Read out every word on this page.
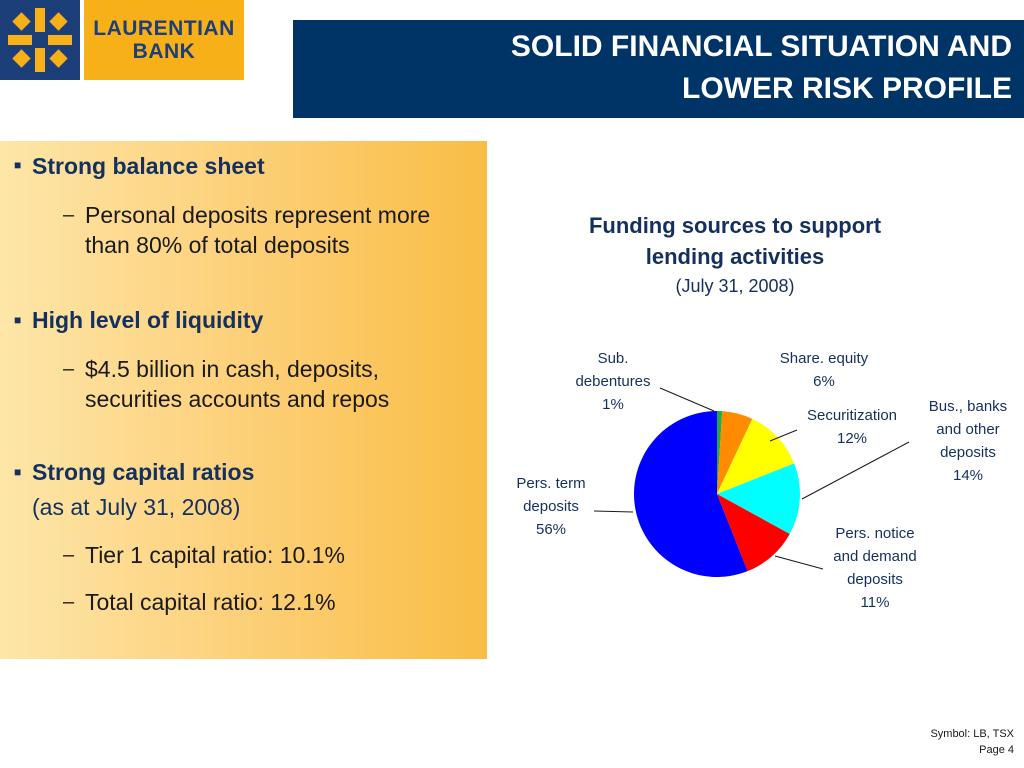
LAURENTIAN
BANK	SOLID FINANCIAL SITUATION AND
LOWER RISK PROFILE
■ Strong balance sheet
– Personal deposits represent more
than 80% of total deposits
■ High level of liquidity
– $4.5 billion in cash, deposits,
securities accounts and repos
■ Strong capital ratios
(as at July 31, 2008)
– Tier 1 capital ratio: 10.1%
– Total capital ratio: 12.1%
Funding sources to support
lending activities
(July 31, 2008)
Sub. debentures 1%
Share. equity 6%
Securitization 12%
Bus., banks and other deposits 14%
Pers. notice and demand deposits 11%
Pers. term deposits 56%
Symbol: LB, TSX
Page 4
